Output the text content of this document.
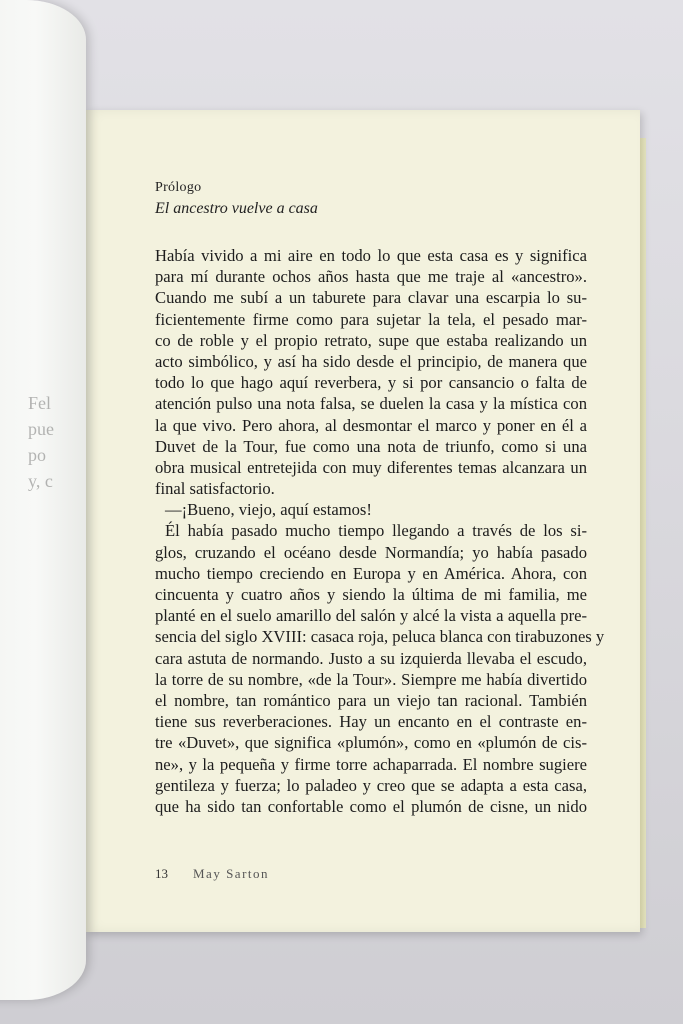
Fel
pue
po
y, c
Prólogo
El ancestro vuelve a casa
Había vivido a mi aire en todo lo que esta casa es y significa
para mí durante ochos años hasta que me traje al «ancestro».
Cuando me subí a un taburete para clavar una escarpia lo su-
ficientemente firme como para sujetar la tela, el pesado mar-
co de roble y el propio retrato, supe que estaba realizando un
acto simbólico, y así ha sido desde el principio, de manera que
todo lo que hago aquí reverbera, y si por cansancio o falta de
atención pulso una nota falsa, se duelen la casa y la mística con
la que vivo. Pero ahora, al desmontar el marco y poner en él a
Duvet de la Tour, fue como una nota de triunfo, como si una
obra musical entretejida con muy diferentes temas alcanzara un
final satisfactorio.
—¡Bueno, viejo, aquí estamos!
Él había pasado mucho tiempo llegando a través de los si-
glos, cruzando el océano desde Normandía; yo había pasado
mucho tiempo creciendo en Europa y en América. Ahora, con
cincuenta y cuatro años y siendo la última de mi familia, me
planté en el suelo amarillo del salón y alcé la vista a aquella pre-
sencia del siglo XVIII: casaca roja, peluca blanca con tirabuzones y
cara astuta de normando. Justo a su izquierda llevaba el escudo,
la torre de su nombre, «de la Tour». Siempre me había divertido
el nombre, tan romántico para un viejo tan racional. También
tiene sus reverberaciones. Hay un encanto en el contraste en-
tre «Duvet», que significa «plumón», como en «plumón de cis-
ne», y la pequeña y firme torre achaparrada. El nombre sugiere
gentileza y fuerza; lo paladeo y creo que se adapta a esta casa,
que ha sido tan confortable como el plumón de cisne, un nido
13 May Sarton
